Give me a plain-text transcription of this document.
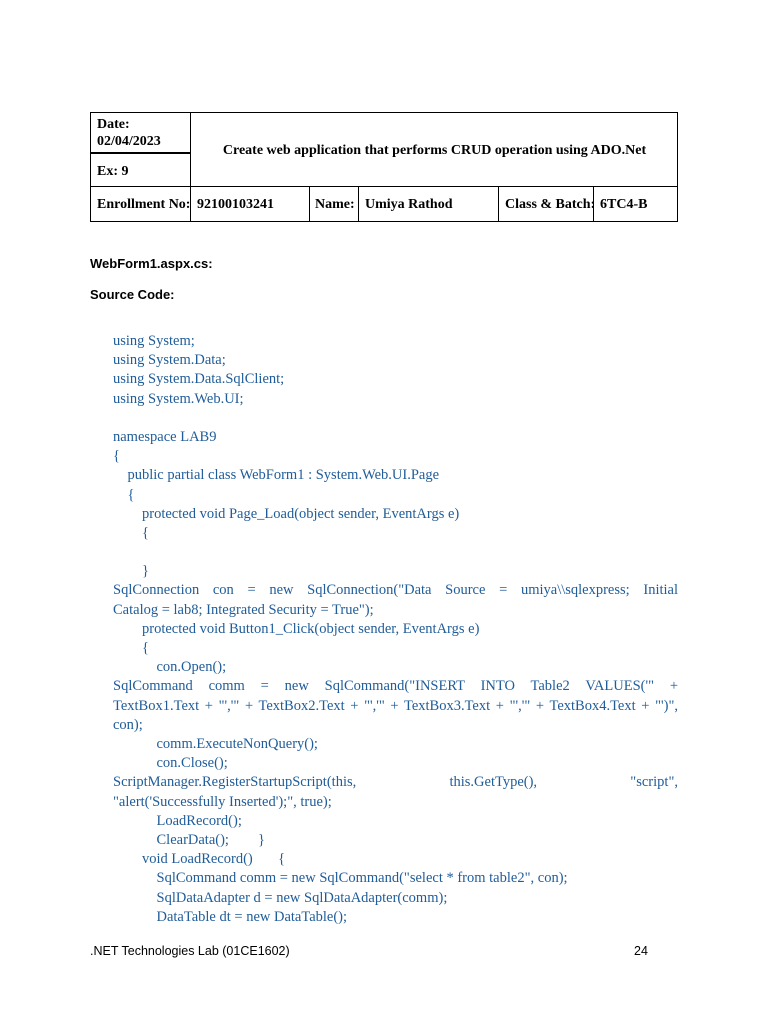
Date:
02/04/2023
Ex: 9
Create web application that performs CRUD operation using ADO.Net
Enrollment No: 92100103241	Name: Umiya Rathod	Class & Batch: 6TC4-B
WebForm1.aspx.cs:
Source Code:
using System;
using System.Data;
using System.Data.SqlClient;
using System.Web.UI;
namespace LAB9
{
public partial class WebForm1 : System.Web.UI.Page
{
protected void Page_Load(object sender, EventArgs e)
{
}
SqlConnection con = new SqlConnection("Data Source = umiya\\sqlexpress; Initial
Catalog = lab8; Integrated Security = True");
protected void Button1_Click(object sender, EventArgs e)
{
con.Open();
SqlCommand comm = new SqlCommand("INSERT INTO Table2 VALUES('" +
TextBox1.Text + "','" + TextBox2.Text + "','" + TextBox3.Text + "','" + TextBox4.Text + "')",
con);
comm.ExecuteNonQuery();
con.Close();
ScriptManager.RegisterStartupScript(this, this.GetType(), "script",
"alert('Successfully Inserted');", true);
LoadRecord();
ClearData();        }
void LoadRecord()       {
SqlCommand comm = new SqlCommand("select * from table2", con);
SqlDataAdapter d = new SqlDataAdapter(comm);
DataTable dt = new DataTable();
.NET Technologies Lab (01CE1602)	24
